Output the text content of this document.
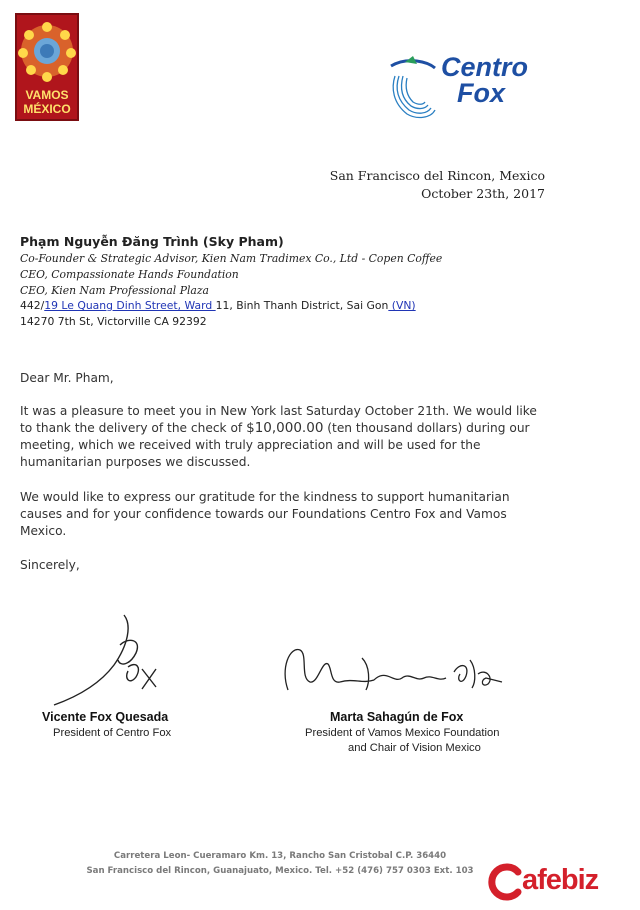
VAMOS
MÉXICO
Centro
Fox
San Francisco del Rincon, Mexico
October 23th, 2017
Phạm Nguyễn Đăng Trình (Sky Pham)
Co-Founder & Strategic Advisor, Kien Nam Tradimex Co., Ltd - Copen Coffee
CEO, Compassionate Hands Foundation
CEO, Kien Nam Professional Plaza
442/19 Le Quang Dinh Street, Ward 11, Binh Thanh District, Sai Gon (VN)
14270 7th St, Victorville CA 92392
Dear Mr. Pham,
It was a pleasure to meet you in New York last Saturday October 21th. We would like to thank the delivery of the check of $10,000.00 (ten thousand dollars) during our meeting, which we received with truly appreciation and will be used for the humanitarian purposes we discussed.
We would like to express our gratitude for the kindness to support humanitarian causes and for your confidence towards our Foundations Centro Fox and Vamos Mexico.
Sincerely,
Vicente Fox Quesada
President of Centro Fox
Marta Sahagún de Fox
President of Vamos Mexico Foundation
and Chair of Vision Mexico
Carretera Leon- Cueramaro Km. 13, Rancho San Cristobal C.P. 36440
San Francisco del Rincon, Guanajuato, Mexico. Tel. +52 (476) 757 0303 Ext. 103	afebiz
